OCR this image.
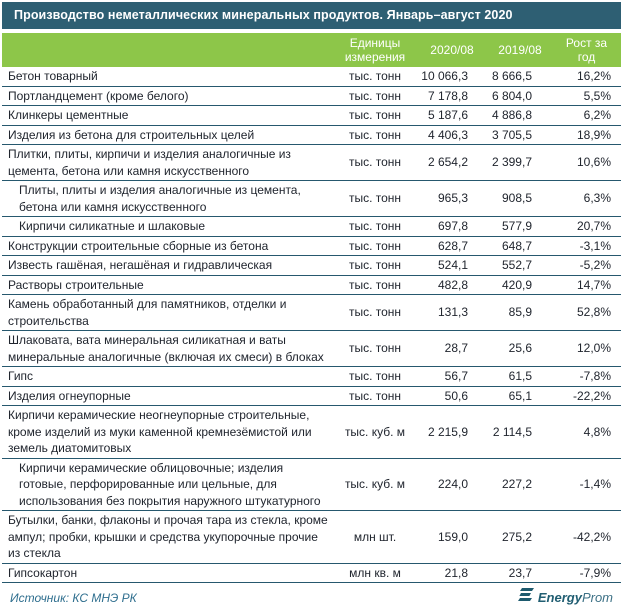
Производство неметаллических минеральных продуктов. Январь–август 2020
	Единицы измерения	2020/08	2019/08	Рост за год
Бетон товарный	тыс. тонн	10 066,3	8 666,5	16,2%
Портландцемент (кроме белого)	тыс. тонн	7 178,8	6 804,0	5,5%
Клинкеры цементные	тыс. тонн	5 187,6	4 886,8	6,2%
Изделия из бетона для строительных целей	тыс. тонн	4 406,3	3 705,5	18,9%
Плитки, плиты, кирпичи и изделия аналогичные из цемента, бетона или камня искусственного	тыс. тонн	2 654,2	2 399,7	10,6%
Плиты, плиты и изделия аналогичные из цемента, бетона или камня искусственного	тыс. тонн	965,3	908,5	6,3%
Кирпичи силикатные и шлаковые	тыс. тонн	697,8	577,9	20,7%
Конструкции строительные сборные из бетона	тыс. тонн	628,7	648,7	-3,1%
Известь гашёная, негашёная и гидравлическая	тыс. тонн	524,1	552,7	-5,2%
Растворы строительные	тыс. тонн	482,8	420,9	14,7%
Камень обработанный для памятников, отделки и строительства	тыс. тонн	131,3	85,9	52,8%
Шлаковата, вата минеральная силикатная и ваты минеральные аналогичные (включая их смеси) в блоках	тыс. тонн	28,7	25,6	12,0%
Гипс	тыс. тонн	56,7	61,5	-7,8%
Изделия огнеупорные	тыс. тонн	50,6	65,1	-22,2%
Кирпичи керамические неогнеупорные строительные, кроме изделий из муки каменной кремнезёмистой или земель диатомитовых	тыс. куб. м	2 215,9	2 114,5	4,8%
Кирпичи керамические облицовочные; изделия готовые, перфорированные или цельные, для использования без покрытия наружного штукатурного	тыс. куб. м	224,0	227,2	-1,4%
Бутылки, банки, флаконы и прочая тара из стекла, кроме ампул; пробки, крышки и средства укупорочные прочие из стекла	млн шт.	159,0	275,2	-42,2%
Гипсокартон	млн кв. м	21,8	23,7	-7,9%
Источник: КС МНЭ РК	EnergyProm
